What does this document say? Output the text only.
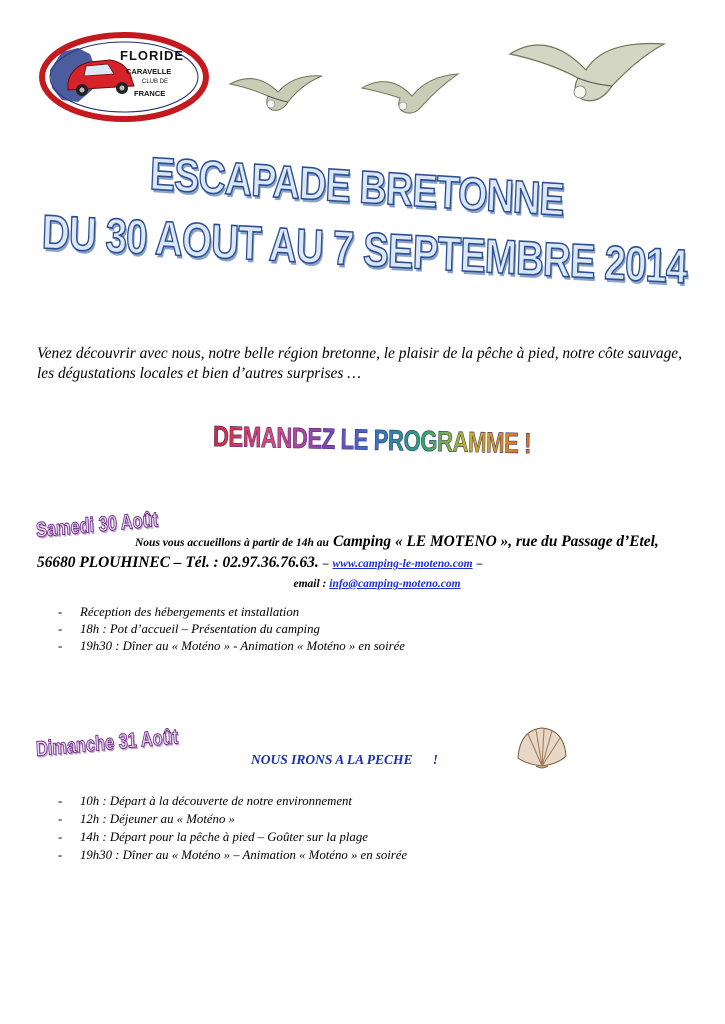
FLORIDE
CARAVELLE
CLUB DE
FRANCE
ESCAPADE BRETONNE
DU 30 AOUT AU 7 SEPTEMBRE 2014
Venez découvrir avec nous, notre belle région bretonne, le plaisir de la pêche à pied, notre côte sauvage, les dégustations locales et bien d’autres surprises …
DEMANDEZ LE PROGRAMME !
Samedi 30 Août
Nous vous accueillons à partir de 14h au Camping « LE MOTENO », rue du Passage d’Etel, 56680 PLOUHINEC – Tél. : 02.97.36.76.63. – www.camping-le-moteno.com –
email : info@camping-moteno.com
- Réception des hébergements et installation
- 18h : Pot d’accueil – Présentation du camping
- 19h30 : Dîner au « Moténo » - Animation « Moténo » en soirée
Dimanche 31 Août	NOUS IRONS A LA PECHE      !
- 10h : Départ à la découverte de notre environnement
- 12h : Déjeuner au « Moténo »
- 14h : Départ pour la pêche à pied – Goûter sur la plage
- 19h30 : Dîner au « Moténo » – Animation « Moténo » en soirée
